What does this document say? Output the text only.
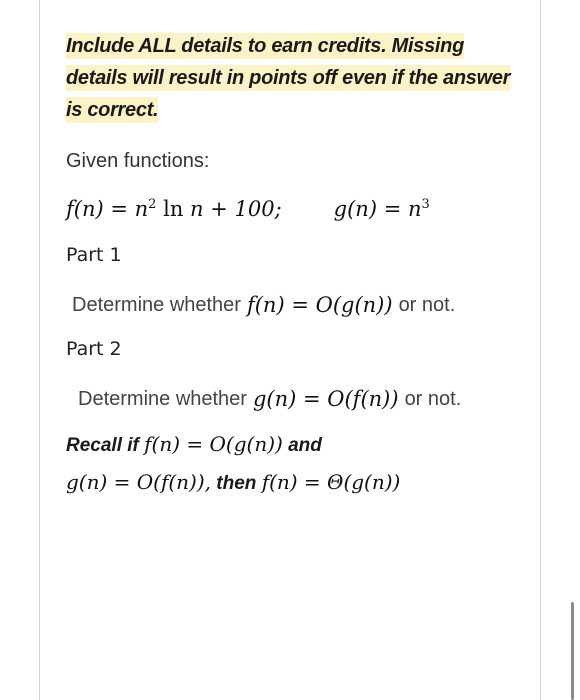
Include ALL details to earn credits. Missing
details will result in points off even if the answer
is correct.
Given functions:
$f(n) = n^2$ ln n + 100; $g(n) = n^3$
Part 1
Determine whether f(n) = O(g(n)) or not.
Part 2
Determine whether g(n) = O(f(n)) or not.
Recall if f(n) = O(g(n)) and
g(n) = O(f(n)), then f(n) = Θ(g(n))
